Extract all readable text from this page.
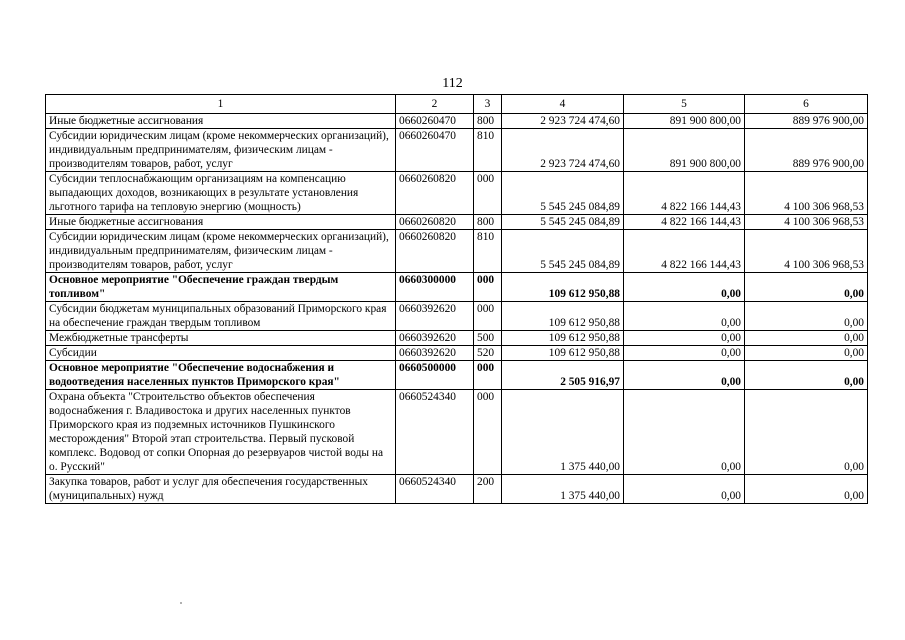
112
1	2	3	4	5	6
Иные бюджетные ассигнования	0660260470	800	2 923 724 474,60	891 900 800,00	889 976 900,00
Субсидии юридическим лицам (кроме некоммерческих организаций), индивидуальным предпринимателям, физическим лицам - производителям товаров, работ, услуг	0660260470	810	2 923 724 474,60	891 900 800,00	889 976 900,00
Субсидии теплоснабжающим организациям на компенсацию выпадающих доходов, возникающих в результате установления льготного тарифа на тепловую энергию (мощность)	0660260820	000	5 545 245 084,89	4 822 166 144,43	4 100 306 968,53
Иные бюджетные ассигнования	0660260820	800	5 545 245 084,89	4 822 166 144,43	4 100 306 968,53
Субсидии юридическим лицам (кроме некоммерческих организаций), индивидуальным предпринимателям, физическим лицам - производителям товаров, работ, услуг	0660260820	810	5 545 245 084,89	4 822 166 144,43	4 100 306 968,53
Основное мероприятие "Обеспечение граждан твердым топливом"	0660300000	000	109 612 950,88	0,00	0,00
Субсидии бюджетам муниципальных образований Приморского края на обеспечение граждан твердым топливом	0660392620	000	109 612 950,88	0,00	0,00
Межбюджетные трансферты	0660392620	500	109 612 950,88	0,00	0,00
Субсидии	0660392620	520	109 612 950,88	0,00	0,00
Основное мероприятие "Обеспечение водоснабжения и водоотведения населенных пунктов Приморского края"	0660500000	000	2 505 916,97	0,00	0,00
Охрана объекта "Строительство объектов обеспечения водоснабжения г. Владивостока и других населенных пунктов Приморского края из подземных источников Пушкинского месторождения" Второй этап строительства. Первый пусковой комплекс. Водовод от сопки Опорная до резервуаров чистой воды на о. Русский"	0660524340	000	1 375 440,00	0,00	0,00
Закупка товаров, работ и услуг для обеспечения государственных (муниципальных) нужд	0660524340	200	1 375 440,00	0,00	0,00
